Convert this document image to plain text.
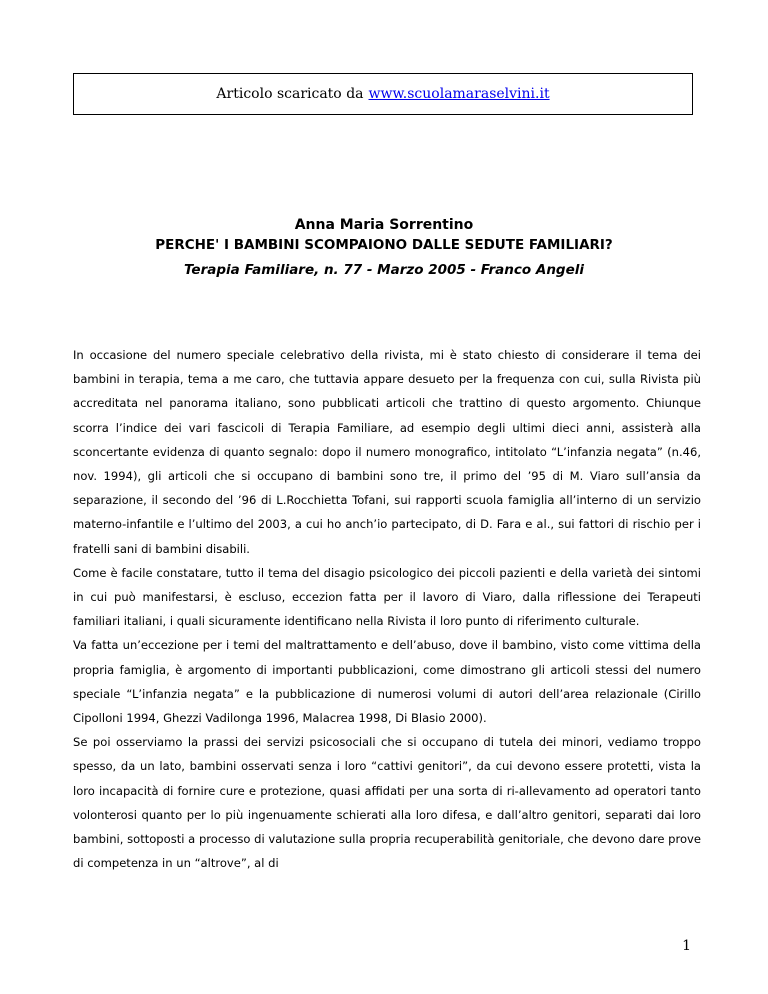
Articolo scaricato da www.scuolamaraselvini.it
Anna Maria Sorrentino
PERCHE' I BAMBINI SCOMPAIONO DALLE SEDUTE FAMILIARI?
Terapia Familiare, n. 77 - Marzo 2005 - Franco Angeli

In occasione del numero speciale celebrativo della rivista, mi è stato chiesto di considerare il tema dei bambini in terapia, tema a me caro, che tuttavia appare desueto per la frequenza con cui, sulla Rivista più accreditata nel panorama italiano, sono pubblicati articoli che trattino di questo argomento. Chiunque scorra l’indice dei vari fascicoli di Terapia Familiare, ad esempio degli ultimi dieci anni, assisterà alla sconcertante evidenza di quanto segnalo: dopo il numero monografico, intitolato “L’infanzia negata” (n.46, nov. 1994), gli articoli che si occupano di bambini sono tre, il primo del ’95 di M. Viaro sull’ansia da separazione, il secondo del ’96 di L.Rocchietta Tofani, sui rapporti scuola famiglia all’interno di un servizio materno-infantile e l’ultimo del 2003, a cui ho anch’io partecipato, di D. Fara e al., sui fattori di rischio per i fratelli sani di bambini disabili.

Come è facile constatare, tutto il tema del disagio psicologico dei piccoli pazienti e della varietà dei sintomi in cui può manifestarsi, è escluso, eccezion fatta per il lavoro di Viaro, dalla riflessione dei Terapeuti familiari italiani, i quali sicuramente identificano nella Rivista il loro punto di riferimento culturale.

Va fatta un’eccezione per i temi del maltrattamento e dell’abuso, dove il bambino, visto come vittima della propria famiglia, è argomento di importanti pubblicazioni, come dimostrano gli articoli stessi del numero speciale “L’infanzia negata” e la pubblicazione di numerosi volumi di autori dell’area relazionale (Cirillo Cipolloni 1994, Ghezzi Vadilonga 1996, Malacrea 1998, Di Blasio 2000).

Se poi osserviamo la prassi dei servizi psicosociali che si occupano di tutela dei minori, vediamo troppo spesso, da un lato, bambini osservati senza i loro “cattivi genitori”, da cui devono essere protetti, vista la loro incapacità di fornire cure e protezione, quasi affidati per una sorta di ri-allevamento ad operatori tanto volonterosi quanto per lo più ingenuamente schierati alla loro difesa, e dall’altro genitori, separati dai loro bambini, sottoposti a processo di valutazione sulla propria recuperabilità genitoriale, che devono dare prove di competenza in un “altrove”, al di

1
